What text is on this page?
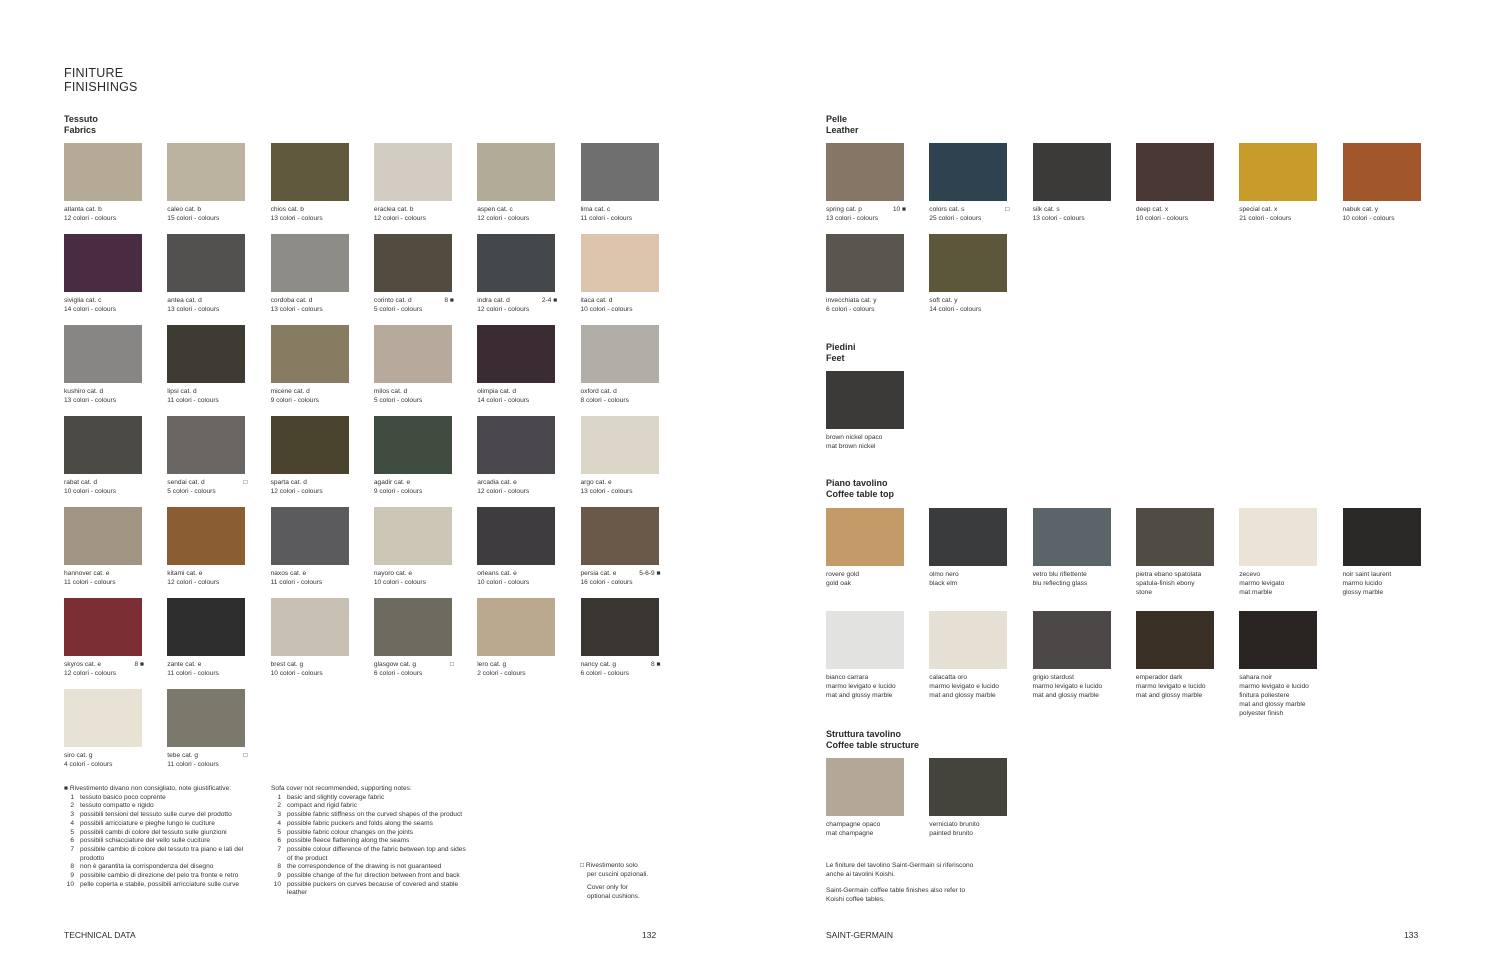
FINITURE
FINISHINGS
Tessuto
Fabrics
atlanta cat. b
12 colori - colours
caleo cat. b
15 colori - colours
chios cat. b
13 colori - colours
eraclea cat. b
12 colori - colours
aspen cat. c
12 colori - colours
lima cat. c
11 colori - colours
siviglia cat. c
14 colori - colours
antea cat. d
13 colori - colours
cordoba cat. d
13 colori - colours
corinto cat. d
5 colori - colours
8 ■	indra cat. d
12 colori - colours
2-4 ■	itaca cat. d
10 colori - colours
kushiro cat. d
13 colori - colours
lipsi cat. d
11 colori - colours
micene cat. d
9 colori - colours
milos cat. d
5 colori - colours
olimpia cat. d
14 colori - colours
oxford cat. d
8 colori - colours
rabat cat. d
10 colori - colours
sendai cat. d
5 colori - colours
□	sparta cat. d
12 colori - colours
agadir cat. e
9 colori - colours
arcadia cat. e
12 colori - colours
argo cat. e
13 colori - colours
hannover cat. e
11 colori - colours
kitami cat. e
12 colori - colours
naxos cat. e
11 colori - colours
nayoro cat. e
10 colori - colours
orleans cat. e
10 colori - colours
persia cat. e
16 colori - colours
5-6-9 ■
skyros cat. e
12 colori - colours
8 ■	zante cat. e
11 colori - colours
brest cat. g
10 colori - colours
glasgow cat. g
6 colori - colours
□	lero cat. g
2 colori - colours
nancy cat. g
6 colori - colours
8 ■
siro cat. g
4 colori - colours
tebe cat. g
11 colori - colours
□
■ Rivestimento divano non consigliato, note giustificative:
1 tessuto basico poco coprente
2 tessuto compatto e rigido
3 possibili tensioni del tessuto sulle curve del prodotto
4 possibili arricciature e pieghe lungo le cuciture
5 possibili cambi di colore del tessuto sulle giunzioni
6 possibili schiacciature del vello sulle cuciture
7 possibile cambio di colore del tessuto tra piano e lati del prodotto
8 non è garantita la corrispondenza del disegno
9 possibile cambio di direzione del pelo tra fronte e retro
10 pelle coperta e stabile, possibili arricciature sulle curve
Sofa cover not recommended, supporting notes:
1 basic and slightly coverage fabric
2 compact and rigid fabric
3 possible fabric stiffness on the curved shapes of the product
4 possible fabric puckers and folds along the seams
5 possible fabric colour changes on the joints
6 possible fleece flattening along the seams
7 possible colour difference of the fabric between top and sides of the product
8 the correspondence of the drawing is not guaranteed
9 possible change of the fur direction between front and back
10 possible puckers on curves because of covered and stable leather
□ Rivestimento solo
per cuscini opzionali.
Cover only for
optional cushions.
TECHNICAL DATA	132
Pelle
Leather
spring cat. p
13 colori - colours
10 ■	colors cat. s
25 colori - colours
□	silk cat. s
13 colori - colours
deep cat. x
10 colori - colours
special cat. x
21 colori - colours
nabuk cat. y
10 colori - colours
invecchiata cat. y
6 colori - colours
soft cat. y
14 colori - colours
Piedini
Feet
brown nickel opaco
mat brown nickel
Piano tavolino
Coffee table top
rovere gold
gold oak
olmo nero
black elm
vetro blu riflettente
blu reflecting glass
pietra ebano spatolata
spatula-finish ebony
stone
zecevo
marmo levigato
mat marble
noir saint laurent
marmo lucido
glossy marble
bianco carrara
marmo levigato e lucido
mat and glossy marble
calacatta oro
marmo levigato e lucido
mat and glossy marble
grigio stardust
marmo levigato e lucido
mat and glossy marble
emperador dark
marmo levigato e lucido
mat and glossy marble
sahara noir
marmo levigato e lucido
finitura poliestere
mat and glossy marble
polyester finish
Struttura tavolino
Coffee table structure
champagne opaco
mat champagne
verniciato brunito
painted brunito
Le finiture del tavolino Saint-Germain si riferiscono
anche ai tavolini Koishi.
Saint-Germain coffee table finishes also refer to
Koishi coffee tables.
SAINT-GERMAIN	133
